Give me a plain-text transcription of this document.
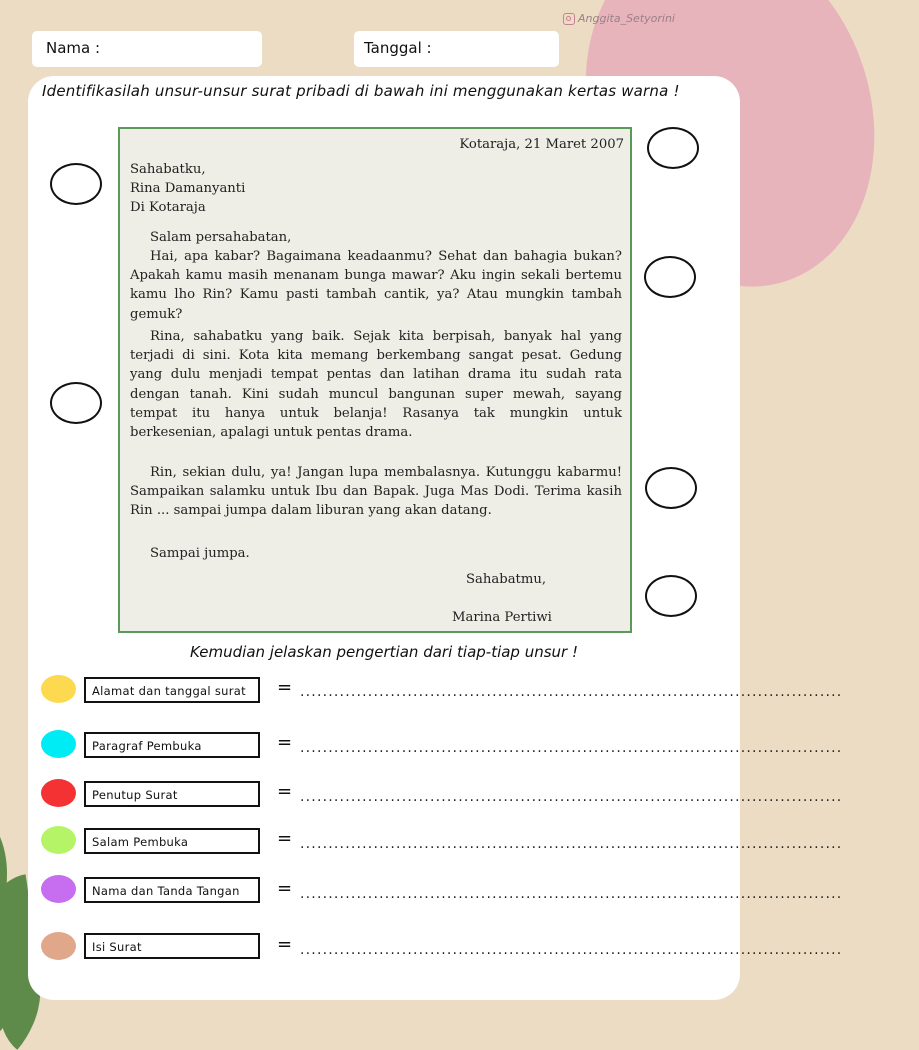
Anggita_Setyorini
Nama :	Tanggal :
Identifikasilah unsur-unsur surat pribadi di bawah ini menggunakan kertas warna !
Kotaraja, 21 Maret 2007
Sahabatku,
Rina Damanyanti
Di Kotaraja
Salam persahabatan,
Hai, apa kabar? Bagaimana keadaanmu? Sehat dan bahagia bukan? Apakah kamu masih menanam bunga mawar? Aku ingin sekali bertemu kamu lho Rin? Kamu pasti tambah cantik, ya? Atau mungkin tambah gemuk?
Rina, sahabatku yang baik. Sejak kita berpisah, banyak hal yang terjadi di sini. Kota kita memang berkembang sangat pesat. Gedung yang dulu menjadi tempat pentas dan latihan drama itu sudah rata dengan tanah. Kini sudah muncul bangunan super mewah, sayang tempat itu hanya untuk belanja! Rasanya tak mungkin untuk berkesenian, apalagi untuk pentas drama.
Rin, sekian dulu, ya! Jangan lupa membalasnya. Kutunggu kabarmu! Sampaikan salamku untuk Ibu dan Bapak. Juga Mas Dodi. Terima kasih Rin ... sampai jumpa dalam liburan yang akan datang.
Sampai jumpa.
Sahabatmu,
Marina Pertiwi
Kemudian jelaskan pengertian dari tiap-tiap unsur !
Alamat dan tanggal surat	= ................................................................................................
Paragraf Pembuka	= ................................................................................................
Penutup Surat	= ................................................................................................
Salam Pembuka	= ................................................................................................
Nama dan Tanda Tangan	= ................................................................................................
Isi Surat	= ................................................................................................
